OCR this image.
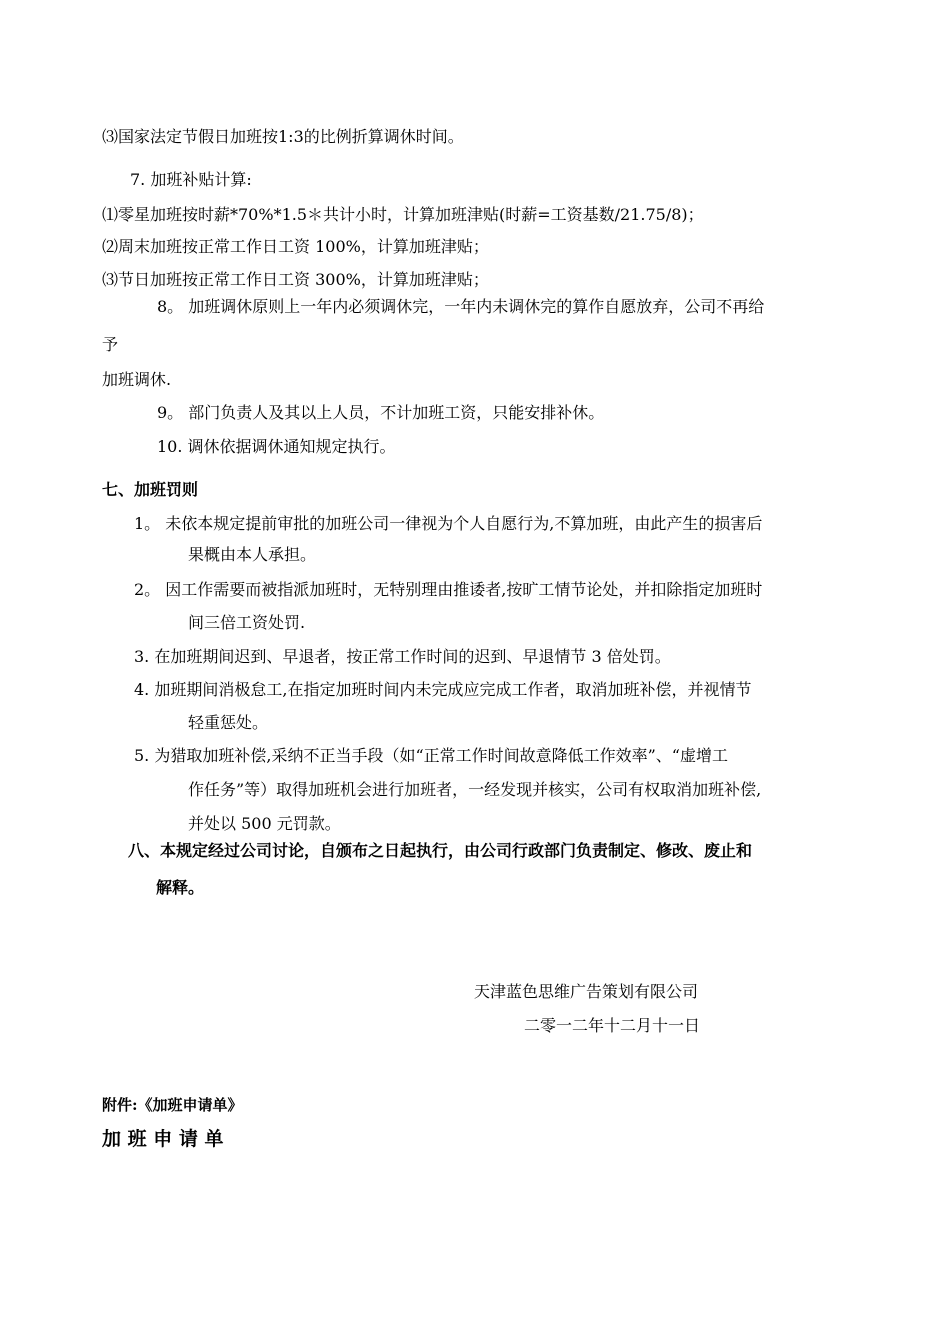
⑶国家法定节假日加班按1:3的比例折算调休时间。
7. 加班补贴计算:
⑴零星加班按时薪*70%*1.5＊共计小时，计算加班津贴(时薪=工资基数/21.75/8)；
⑵周末加班按正常工作日工资 100%，计算加班津贴；
⑶节日加班按正常工作日工资 300%，计算加班津贴；
8。 加班调休原则上一年内必须调休完，一年内未调休完的算作自愿放弃，公司不再给
予
加班调休.
9。 部门负责人及其以上人员，不计加班工资，只能安排补休。
10. 调休依据调休通知规定执行。
七、加班罚则
1。 未依本规定提前审批的加班公司一律视为个人自愿行为,不算加班，由此产生的损害后
果概由本人承担。
2。 因工作需要而被指派加班时，无特别理由推诿者,按旷工情节论处，并扣除指定加班时
间三倍工资处罚.
3. 在加班期间迟到、早退者，按正常工作时间的迟到、早退情节 3 倍处罚。
4. 加班期间消极怠工,在指定加班时间内未完成应完成工作者，取消加班补偿，并视情节
轻重惩处。
5. 为猎取加班补偿,采纳不正当手段（如“正常工作时间故意降低工作效率”、“虚增工
作任务”等）取得加班机会进行加班者，一经发现并核实，公司有权取消加班补偿,
并处以 500 元罚款。
八、本规定经过公司讨论，自颁布之日起执行，由公司行政部门负责制定、修改、废止和
解释。
天津蓝色思维广告策划有限公司
二零一二年十二月十一日
附件:《加班申请单》
加 班 申 请 单
